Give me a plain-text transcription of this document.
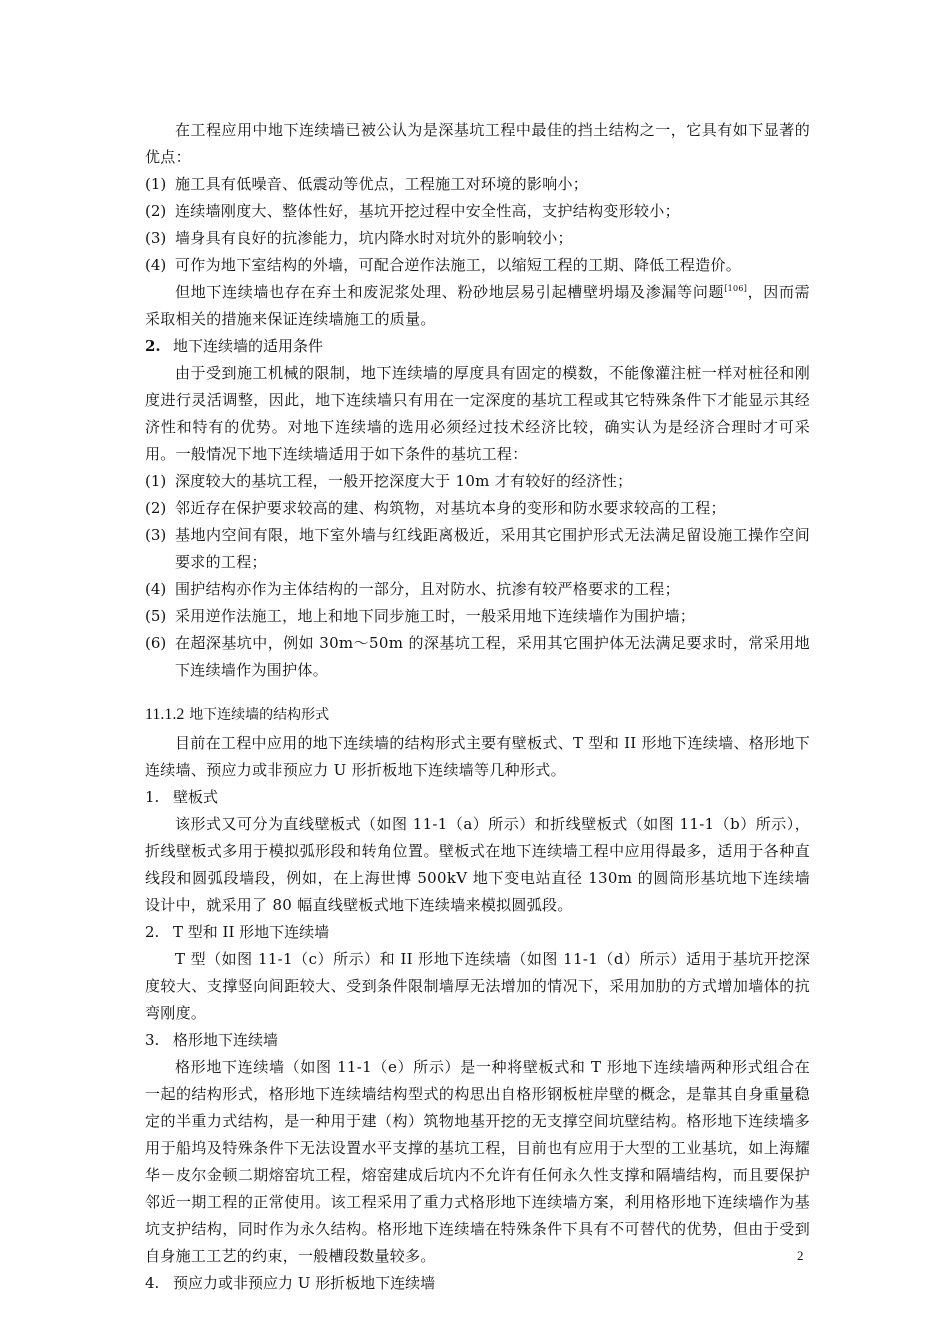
在工程应用中地下连续墙已被公认为是深基坑工程中最佳的挡土结构之一，它具有如下显著的优点：

(1) 施工具有低噪音、低震动等优点，工程施工对环境的影响小；
(2) 连续墙刚度大、整体性好，基坑开挖过程中安全性高，支护结构变形较小；
(3) 墙身具有良好的抗渗能力，坑内降水时对坑外的影响较小；
(4) 可作为地下室结构的外墙，可配合逆作法施工，以缩短工程的工期、降低工程造价。

但地下连续墙也存在弃土和废泥浆处理、粉砂地层易引起槽壁坍塌及渗漏等问题[106]，因而需采取相关的措施来保证连续墙施工的质量。

2. 地下连续墙的适用条件

由于受到施工机械的限制，地下连续墙的厚度具有固定的模数，不能像灌注桩一样对桩径和刚度进行灵活调整，因此，地下连续墙只有用在一定深度的基坑工程或其它特殊条件下才能显示其经济性和特有的优势。对地下连续墙的选用必须经过技术经济比较，确实认为是经济合理时才可采用。一般情况下地下连续墙适用于如下条件的基坑工程：

(1) 深度较大的基坑工程，一般开挖深度大于 10m 才有较好的经济性；
(2) 邻近存在保护要求较高的建、构筑物，对基坑本身的变形和防水要求较高的工程；
(3) 基地内空间有限，地下室外墙与红线距离极近，采用其它围护形式无法满足留设施工操作空间要求的工程；
(4) 围护结构亦作为主体结构的一部分，且对防水、抗渗有较严格要求的工程；
(5) 采用逆作法施工，地上和地下同步施工时，一般采用地下连续墙作为围护墙；
(6) 在超深基坑中，例如 30m～50m 的深基坑工程，采用其它围护体无法满足要求时，常采用地下连续墙作为围护体。
11.1.2 地下连续墙的结构形式

目前在工程中应用的地下连续墙的结构形式主要有壁板式、T 型和 II 形地下连续墙、格形地下连续墙、预应力或非预应力 U 形折板地下连续墙等几种形式。

1. 壁板式

该形式又可分为直线壁板式（如图 11-1（a）所示）和折线壁板式（如图 11-1（b）所示），折线壁板式多用于模拟弧形段和转角位置。壁板式在地下连续墙工程中应用得最多，适用于各种直线段和圆弧段墙段，例如，在上海世博 500kV 地下变电站直径 130m 的圆筒形基坑地下连续墙设计中，就采用了 80 幅直线壁板式地下连续墙来模拟圆弧段。

2. T 型和 II 形地下连续墙

T 型（如图 11-1（c）所示）和 II 形地下连续墙（如图 11-1（d）所示）适用于基坑开挖深度较大、支撑竖向间距较大、受到条件限制墙厚无法增加的情况下，采用加肋的方式增加墙体的抗弯刚度。

3. 格形地下连续墙

格形地下连续墙（如图 11-1（e）所示）是一种将壁板式和 T 形地下连续墙两种形式组合在一起的结构形式，格形地下连续墙结构型式的构思出自格形钢板桩岸壁的概念，是靠其自身重量稳定的半重力式结构，是一种用于建（构）筑物地基开挖的无支撑空间坑壁结构。格形地下连续墙多用于船坞及特殊条件下无法设置水平支撑的基坑工程，目前也有应用于大型的工业基坑，如上海耀华－皮尔金顿二期熔窑坑工程，熔窑建成后坑内不允许有任何永久性支撑和隔墙结构，而且要保护邻近一期工程的正常使用。该工程采用了重力式格形地下连续墙方案，利用格形地下连续墙作为基坑支护结构，同时作为永久结构。格形地下连续墙在特殊条件下具有不可替代的优势，但由于受到自身施工工艺的约束，一般槽段数量较多。

4. 预应力或非预应力 U 形折板地下连续墙
2
